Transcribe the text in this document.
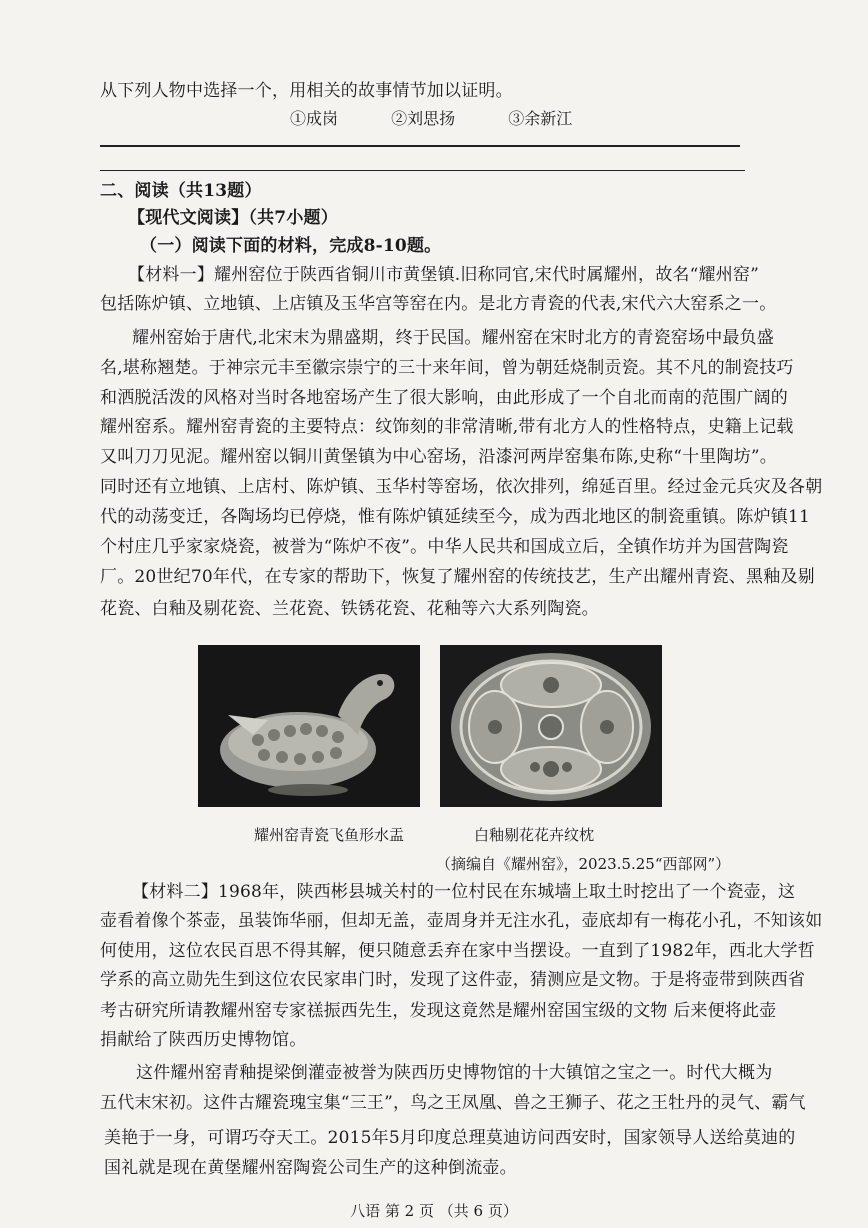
从下列人物中选择一个，用相关的故事情节加以证明。
①成岗	②刘思扬	③余新江
二、阅读（共13题）
【现代文阅读】（共7小题）
（一）阅读下面的材料，完成8-10题。
【材料一】耀州窑位于陕西省铜川市黄堡镇.旧称同官,宋代时属耀州，故名“耀州窑”
包括陈炉镇、立地镇、上店镇及玉华宫等窑在内。是北方青瓷的代表,宋代六大窑系之一。
耀州窑始于唐代,北宋末为鼎盛期，终于民国。耀州窑在宋时北方的青瓷窑场中最负盛
名,堪称翘楚。于神宗元丰至徽宗崇宁的三十来年间，曾为朝廷烧制贡瓷。其不凡的制瓷技巧
和洒脱活泼的风格对当时各地窑场产生了很大影响，由此形成了一个自北而南的范围广阔的
耀州窑系。耀州窑青瓷的主要特点：纹饰刻的非常清晰,带有北方人的性格特点，史籍上记载
又叫刀刀见泥。耀州窑以铜川黄堡镇为中心窑场，沿漆河两岸窑集布陈,史称“十里陶坊”。
同时还有立地镇、上店村、陈炉镇、玉华村等窑场，依次排列，绵延百里。经过金元兵灾及各朝
代的动荡变迁，各陶场均已停烧，惟有陈炉镇延续至今，成为西北地区的制瓷重镇。陈炉镇11
个村庄几乎家家烧瓷，被誉为“陈炉不夜”。中华人民共和国成立后，全镇作坊并为国营陶瓷
厂。20世纪70年代，在专家的帮助下，恢复了耀州窑的传统技艺，生产出耀州青瓷、黑釉及剔
花瓷、白釉及剔花瓷、兰花瓷、铁锈花瓷、花釉等六大系列陶瓷。
耀州窑青瓷飞鱼形水盂	白釉剔花花卉纹枕
（摘编自《耀州窑》，2023.5.25“西部网”）
【材料二】1968年，陕西彬县城关村的一位村民在东城墙上取土时挖出了一个瓷壶，这
壶看着像个茶壶，虽装饰华丽，但却无盖，壶周身并无注水孔，壶底却有一梅花小孔，不知该如
何使用，这位农民百思不得其解，便只随意丢弃在家中当摆设。一直到了1982年，西北大学哲
学系的高立勋先生到这位农民家串门时，发现了这件壶，猜测应是文物。于是将壶带到陕西省
考古研究所请教耀州窑专家禚振西先生，发现这竟然是耀州窑国宝级的文物 后来便将此壶
捐献给了陕西历史博物馆。
这件耀州窑青釉提梁倒灌壶被誉为陕西历史博物馆的十大镇馆之宝之一。时代大概为
五代末宋初。这件古耀瓷瑰宝集“三王”，鸟之王凤凰、兽之王狮子、花之王牡丹的灵气、霸气
美艳于一身，可谓巧夺天工。2015年5月印度总理莫迪访问西安时，国家领导人送给莫迪的
国礼就是现在黄堡耀州窑陶瓷公司生产的这种倒流壶。
八语 第 2 页 （共 6 页）
